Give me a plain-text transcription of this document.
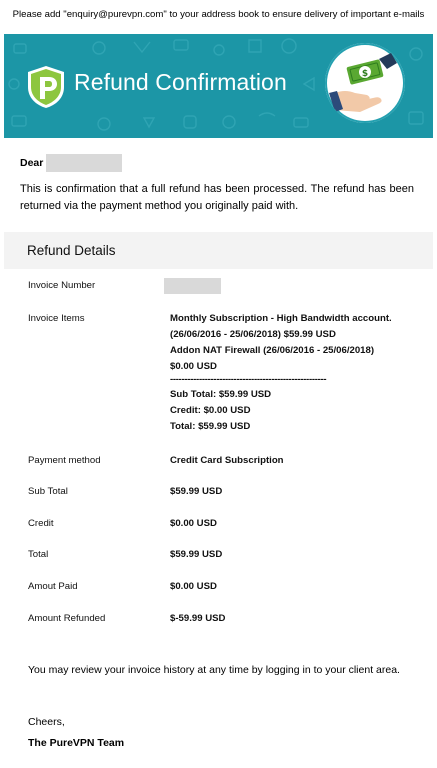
Please add "enquiry@purevpn.com" to your address book to ensure delivery of important e-mails
Refund Confirmation	$
Dear
This is confirmation that a full refund has been processed. The refund has been returned via the payment method you originally paid with.
Refund Details
Invoice Number
Invoice Items	Monthly Subscription - High Bandwidth account.
(26/06/2016 - 25/06/2018) $59.99 USD
Addon NAT Firewall (26/06/2016 - 25/06/2018)
$0.00 USD
------------------------------------------------------
Sub Total: $59.99 USD
Credit: $0.00 USD
Total: $59.99 USD
Payment method	Credit Card Subscription
Sub Total	$59.99 USD
Credit	$0.00 USD
Total	$59.99 USD
Amout Paid	$0.00 USD
Amount Refunded	$-59.99 USD
You may review your invoice history at any time by logging in to your client area.
Cheers,
The PureVPN Team
